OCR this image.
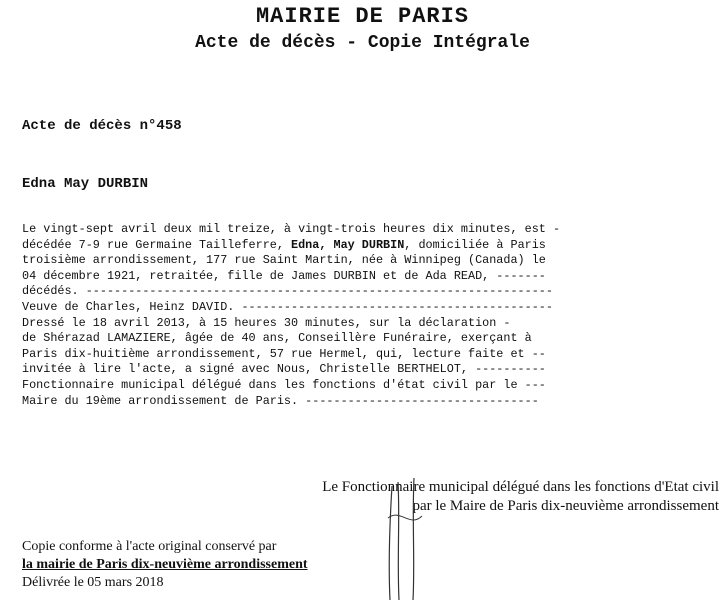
MAIRIE DE PARIS
Acte de décès - Copie Intégrale
Acte de décès n°458
Edna May DURBIN
Le vingt-sept avril deux mil treize, à vingt-trois heures dix minutes, est -
décédée 7-9 rue Germaine Tailleferre, Edna, May DURBIN, domiciliée à Paris
troisième arrondissement, 177 rue Saint Martin, née à Winnipeg (Canada) le
04 décembre 1921, retraitée, fille de James DURBIN et de Ada READ, -------
décédés. ------------------------------------------------------------------
Veuve de Charles, Heinz DAVID. --------------------------------------------
Dressé le 18 avril 2013, à 15 heures 30 minutes, sur la déclaration -
de Shérazad LAMAZIERE, âgée de 40 ans, Conseillère Funéraire, exerçant à
Paris dix-huitième arrondissement, 57 rue Hermel, qui, lecture faite et --
invitée à lire l'acte, a signé avec Nous, Christelle BERTHELOT, ----------
Fonctionnaire municipal délégué dans les fonctions d'état civil par le ---
Maire du 19ème arrondissement de Paris. ---------------------------------
Le Fonctionnaire municipal délégué dans les fonctions d'Etat civil
par le Maire de Paris dix-neuvième arrondissement
Copie conforme à l'acte original conservé par
la mairie de Paris dix-neuvième arrondissement
Délivrée le 05 mars 2018
